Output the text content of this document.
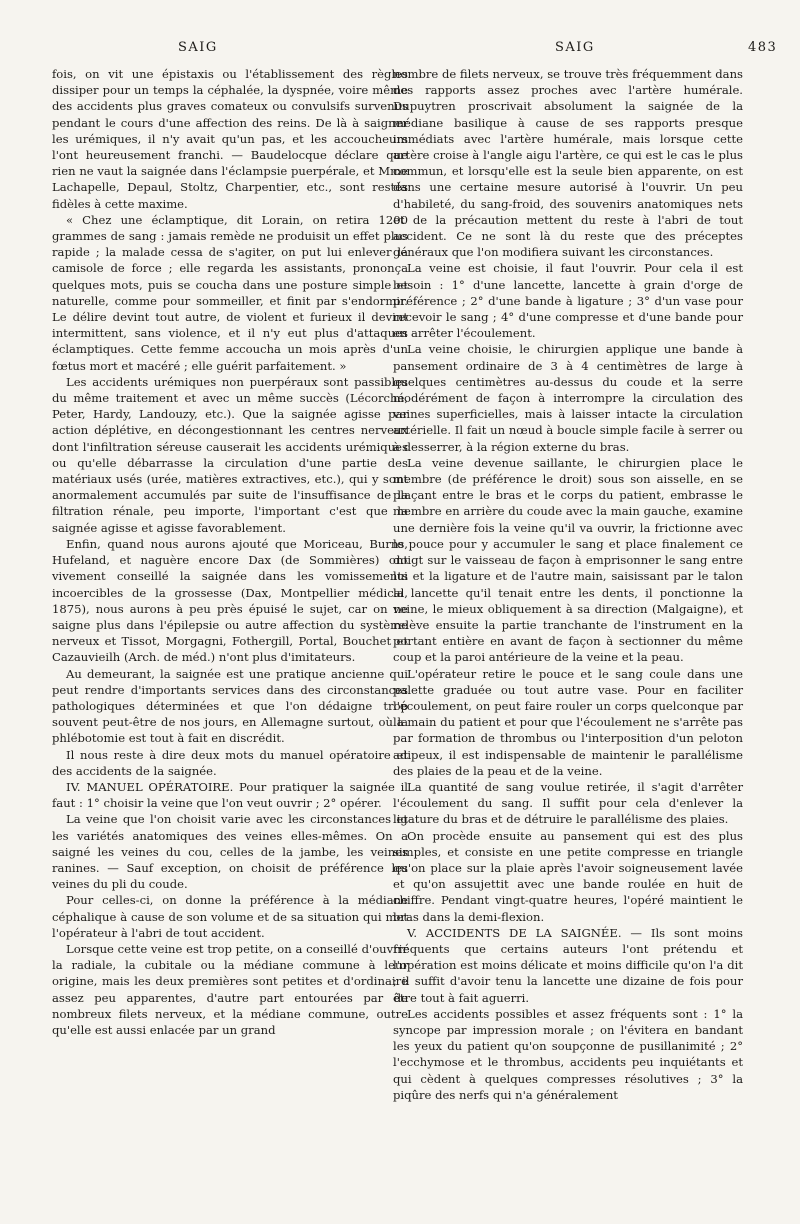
SAIG	SAIG	483

fois, on vit une épistaxis ou l'établissement des règles dissiper pour un temps la céphalée, la dyspnée, voire même des accidents plus graves comateux ou convulsifs survenus pendant le cours d'une affection des reins. De là à saigner les urémiques, il n'y avait qu'un pas, et les accoucheurs l'ont heureusement franchi. — Baudelocque déclare que rien ne vaut la saignée dans l'éclampsie puerpérale, et Mme Lachapelle, Depaul, Stoltz, Charpentier, etc., sont restés fidèles à cette maxime.

« Chez une éclamptique, dit Lorain, on retira 1200 grammes de sang : jamais remède ne produisit un effet plus rapide ; la malade cessa de s'agiter, on put lui enlever la camisole de force ; elle regarda les assistants, prononça quelques mots, puis se coucha dans une posture simple et naturelle, comme pour sommeiller, et finit par s'endormir. Le délire devint tout autre, de violent et furieux il devint intermittent, sans violence, et il n'y eut plus d'attaques éclamptiques. Cette femme accoucha un mois après d'un fœtus mort et macéré ; elle guérit parfaitement. »

Les accidents urémiques non puerpéraux sont passibles du même traitement et avec un même succès (Lécorché, Peter, Hardy, Landouzy, etc.). Que la saignée agisse par action déplétive, en décongestionnant les centres nerveux dont l'infiltration séreuse causerait les accidents urémiques ou qu'elle débarrasse la circulation d'une partie des matériaux usés (urée, matières extractives, etc.), qui y sont anormalement accumulés par suite de l'insuffisance de la filtration rénale, peu importe, l'important c'est que la saignée agisse et agisse favorablement.

Enfin, quand nous aurons ajouté que Moriceau, Burns, Hufeland, et naguère encore Dax (de Sommières) ont vivement conseillé la saignée dans les vomissements incoercibles de la grossesse (Dax, Montpellier médical, 1875), nous aurons à peu près épuisé le sujet, car on ne saigne plus dans l'épilepsie ou autre affection du système nerveux et Tissot, Morgagni, Fothergill, Portal, Bouchet et Cazauvieilh (Arch. de méd.) n'ont plus d'imitateurs.

Au demeurant, la saignée est une pratique ancienne qui peut rendre d'importants services dans des circonstances pathologiques déterminées et que l'on dédaigne trop souvent peut-être de nos jours, en Allemagne surtout, où la phlébotomie est tout à fait en discrédit.

Il nous reste à dire deux mots du manuel opératoire et des accidents de la saignée.

IV. MANUEL OPÉRATOIRE. Pour pratiquer la saignée il faut : 1° choisir la veine que l'on veut ouvrir ; 2° opérer.

La veine que l'on choisit varie avec les circonstances et les variétés anatomiques des veines elles-mêmes. On a saigné les veines du cou, celles de la jambe, les veines ranines. — Sauf exception, on choisit de préférence les veines du pli du coude.

Pour celles-ci, on donne la préférence à la médiane céphalique à cause de son volume et de sa situation qui met l'opérateur à l'abri de tout accident.

Lorsque cette veine est trop petite, on a conseillé d'ouvrir la radiale, la cubitale ou la médiane commune à leur origine, mais les deux premières sont petites et d'ordinaire assez peu apparentes, d'autre part entourées par de nombreux filets nerveux, et la médiane commune, outre qu'elle est aussi enlacée par un grand

nombre de filets nerveux, se trouve très fréquemment dans des rapports assez proches avec l'artère humérale. Dupuytren proscrivait absolument la saignée de la médiane basilique à cause de ses rapports presque immédiats avec l'artère humérale, mais lorsque cette artère croise à l'angle aigu l'artère, ce qui est le cas le plus commun, et lorsqu'elle est la seule bien apparente, on est dans une certaine mesure autorisé à l'ouvrir. Un peu d'habileté, du sang-froid, des souvenirs anatomiques nets et de la précaution mettent du reste à l'abri de tout accident. Ce ne sont là du reste que des préceptes généraux que l'on modifiera suivant les circonstances.

La veine est choisie, il faut l'ouvrir. Pour cela il est besoin : 1° d'une lancette, lancette à grain d'orge de préférence ; 2° d'une bande à ligature ; 3° d'un vase pour recevoir le sang ; 4° d'une compresse et d'une bande pour en arrêter l'écoulement.

La veine choisie, le chirurgien applique une bande à pansement ordinaire de 3 à 4 centimètres de large à quelques centimètres au-dessus du coude et la serre modérément de façon à interrompre la circulation des veines superficielles, mais à laisser intacte la circulation artérielle. Il fait un nœud à boucle simple facile à serrer ou à desserrer, à la région externe du bras.

La veine devenue saillante, le chirurgien place le membre (de préférence le droit) sous son aisselle, en se plaçant entre le bras et le corps du patient, embrasse le membre en arrière du coude avec la main gauche, examine une dernière fois la veine qu'il va ouvrir, la frictionne avec le pouce pour y accumuler le sang et place finalement ce doigt sur le vaisseau de façon à emprisonner le sang entre lui et la ligature et de l'autre main, saisissant par le talon la lancette qu'il tenait entre les dents, il ponctionne la veine, le mieux obliquement à sa direction (Malgaigne), et relève ensuite la partie tranchante de l'instrument en la portant entière en avant de façon à sectionner du même coup et la paroi antérieure de la veine et la peau.

L'opérateur retire le pouce et le sang coule dans une palette graduée ou tout autre vase. Pour en faciliter l'écoulement, on peut faire rouler un corps quelconque par la main du patient et pour que l'écoulement ne s'arrête pas par formation de thrombus ou l'interposition d'un peloton adipeux, il est indispensable de maintenir le parallélisme des plaies de la peau et de la veine.

La quantité de sang voulue retirée, il s'agit d'arrêter l'écoulement du sang. Il suffit pour cela d'enlever la ligature du bras et de détruire le parallélisme des plaies.

On procède ensuite au pansement qui est des plus simples, et consiste en une petite compresse en triangle qu'on place sur la plaie après l'avoir soigneusement lavée et qu'on assujettit avec une bande roulée en huit de chiffre. Pendant vingt-quatre heures, l'opéré maintient le bras dans la demi-flexion.

V. ACCIDENTS DE LA SAIGNÉE. — Ils sont moins fréquents que certains auteurs l'ont prétendu et l'opération est moins délicate et moins difficile qu'on l'a dit ; il suffit d'avoir tenu la lancette une dizaine de fois pour être tout à fait aguerri.

Les accidents possibles et assez fréquents sont : 1° la syncope par impression morale ; on l'évitera en bandant les yeux du patient qu'on soupçonne de pusillanimité ; 2° l'ecchymose et le thrombus, accidents peu inquiétants et qui cèdent à quelques compresses résolutives ; 3° la piqûre des nerfs qui n'a généralement
